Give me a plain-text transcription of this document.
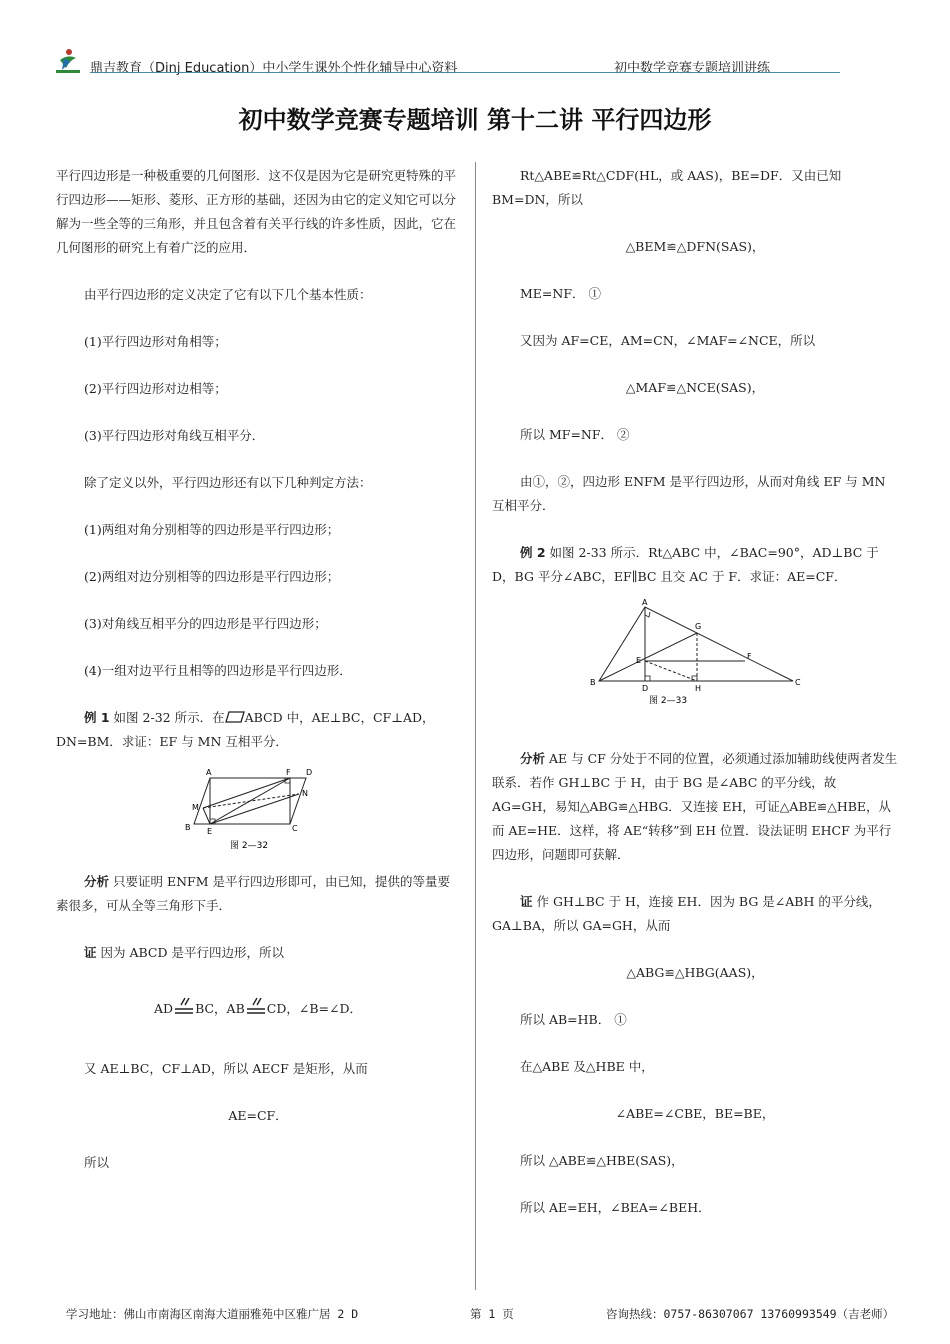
鼎吉教育（Dinj Education）中小学生课外个性化辅导中心资料	初中数学竞赛专题培训讲练
初中数学竞赛专题培训 第十二讲 平行四边形

平行四边形是一种极重要的几何图形．这不仅是因为它是研究更特殊的平行四边形——矩形、菱形、正方形的基础，还因为由它的定义知它可以分解为一些全等的三角形，并且包含着有关平行线的许多性质，因此，它在几何图形的研究上有着广泛的应用．

由平行四边形的定义决定了它有以下几个基本性质：

(1)平行四边形对角相等；

(2)平行四边形对边相等；

(3)平行四边形对角线互相平分．

除了定义以外，平行四边形还有以下几种判定方法：

(1)两组对角分别相等的四边形是平行四边形；

(2)两组对边分别相等的四边形是平行四边形；

(3)对角线互相平分的四边形是平行四边形；

(4)一组对边平行且相等的四边形是平行四边形．

例 1 如图 2-32 所示．在 ABCD 中，AE⊥BC，CF⊥AD，DN=BM．求证：EF 与 MN 互相平分．

A	F D
M
N
B E	C
图 2—32

分析 只要证明 ENFM 是平行四边形即可，由已知，提供的等量要素很多，可从全等三角形下手．

证 因为 ABCD 是平行四边形，所以

AD BC，AB CD，∠B=∠D．

又 AE⊥BC，CF⊥AD，所以 AECF 是矩形，从而

AE=CF．

所以

Rt△ABE≌Rt△CDF(HL，或 AAS)，BE=DF．又由已知 BM=DN，所以

△BEM≌△DFN(SAS)，

ME=NF． ①

又因为 AF=CE，AM=CN，∠MAF=∠NCE，所以

△MAF≌△NCE(SAS)，

所以 MF=NF． ②

由①，②，四边形 ENFM 是平行四边形，从而对角线 EF 与 MN 互相平分．

例 2 如图 2-33 所示．Rt△ABC 中，∠BAC=90°，AD⊥BC 于 D，BG 平分∠ABC，EF∥BC 且交 AC 于 F．求证：AE=CF．

A
G
E	F
B
D	H
C
图 2—33

分析 AE 与 CF 分处于不同的位置，必须通过添加辅助线使两者发生联系．若作 GH⊥BC 于 H，由于 BG 是∠ABC 的平分线，故 AG=GH，易知△ABG≌△HBG．又连接 EH，可证△ABE≌△HBE，从而 AE=HE．这样，将 AE“转移”到 EH 位置．设法证明 EHCF 为平行四边形，问题即可获解．

证 作 GH⊥BC 于 H，连接 EH．因为 BG 是∠ABH 的平分线，GA⊥BA，所以 GA=GH，从而

△ABG≌△HBG(AAS)，

所以 AB=HB． ①

在△ABE 及△HBE 中，

∠ABE=∠CBE，BE=BE，

所以 △ABE≌△HBE(SAS)，

所以 AE=EH，∠BEA=∠BEH．

学习地址：佛山市南海区南海大道丽雅苑中区雅广居 2 D	第 1 页	咨询热线：0757-86307067 13760993549（吉老师）
